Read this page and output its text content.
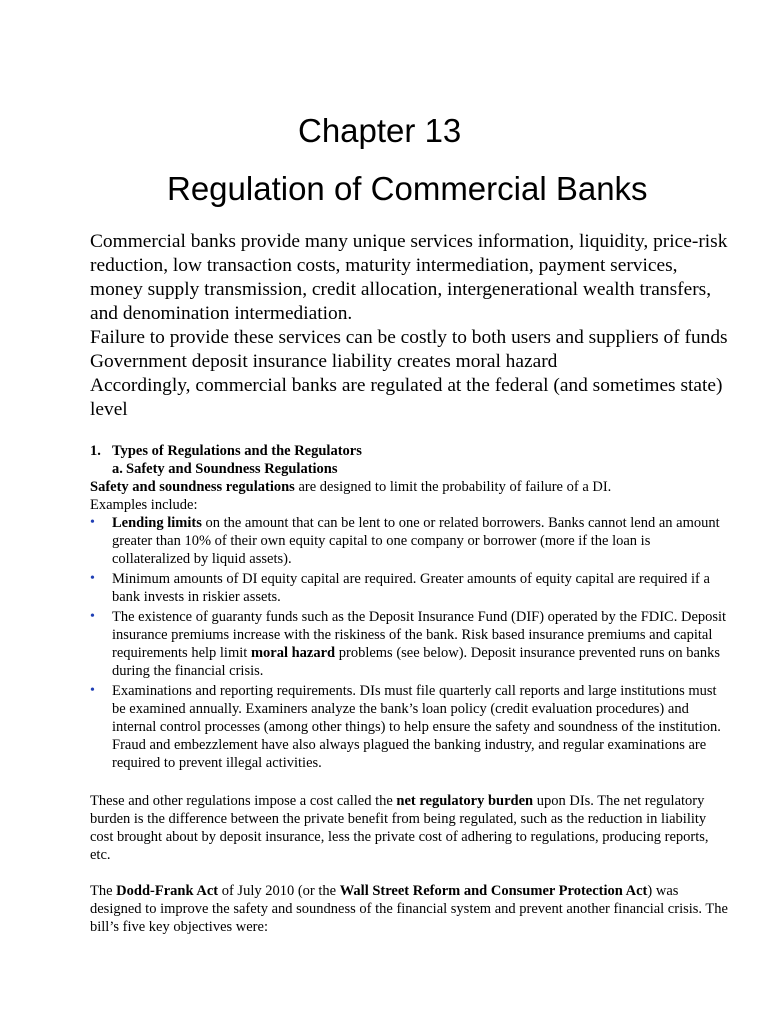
Chapter 13
Regulation of Commercial Banks

Commercial banks provide many unique services information, liquidity, price-risk reduction, low transaction costs, maturity intermediation, payment services, money supply transmission, credit allocation, intergenerational wealth transfers, and denomination intermediation.

Failure to provide these services can be costly to both users and suppliers of funds

Government deposit insurance liability creates moral hazard

Accordingly, commercial banks are regulated at the federal (and sometimes state) level

1. Types of Regulations and the Regulators

a. Safety and Soundness Regulations

Safety and soundness regulations are designed to limit the probability of failure of a DI.

Examples include:

• Lending limits on the amount that can be lent to one or related borrowers. Banks cannot lend an amount greater than 10% of their own equity capital to one company or borrower (more if the loan is collateralized by liquid assets).
• Minimum amounts of DI equity capital are required. Greater amounts of equity capital are required if a bank invests in riskier assets.
• The existence of guaranty funds such as the Deposit Insurance Fund (DIF) operated by the FDIC. Deposit insurance premiums increase with the riskiness of the bank. Risk based insurance premiums and capital requirements help limit moral hazard problems (see below). Deposit insurance prevented runs on banks during the financial crisis.
• Examinations and reporting requirements. DIs must file quarterly call reports and large institutions must be examined annually. Examiners analyze the bank’s loan policy (credit evaluation procedures) and internal control processes (among other things) to help ensure the safety and soundness of the institution. Fraud and embezzlement have also always plagued the banking industry, and regular examinations are required to prevent illegal activities.

These and other regulations impose a cost called the net regulatory burden upon DIs. The net regulatory burden is the difference between the private benefit from being regulated, such as the reduction in liability cost brought about by deposit insurance, less the private cost of adhering to regulations, producing reports, etc.

The Dodd-Frank Act of July 2010 (or the Wall Street Reform and Consumer Protection Act) was designed to improve the safety and soundness of the financial system and prevent another financial crisis. The bill’s five key objectives were:
